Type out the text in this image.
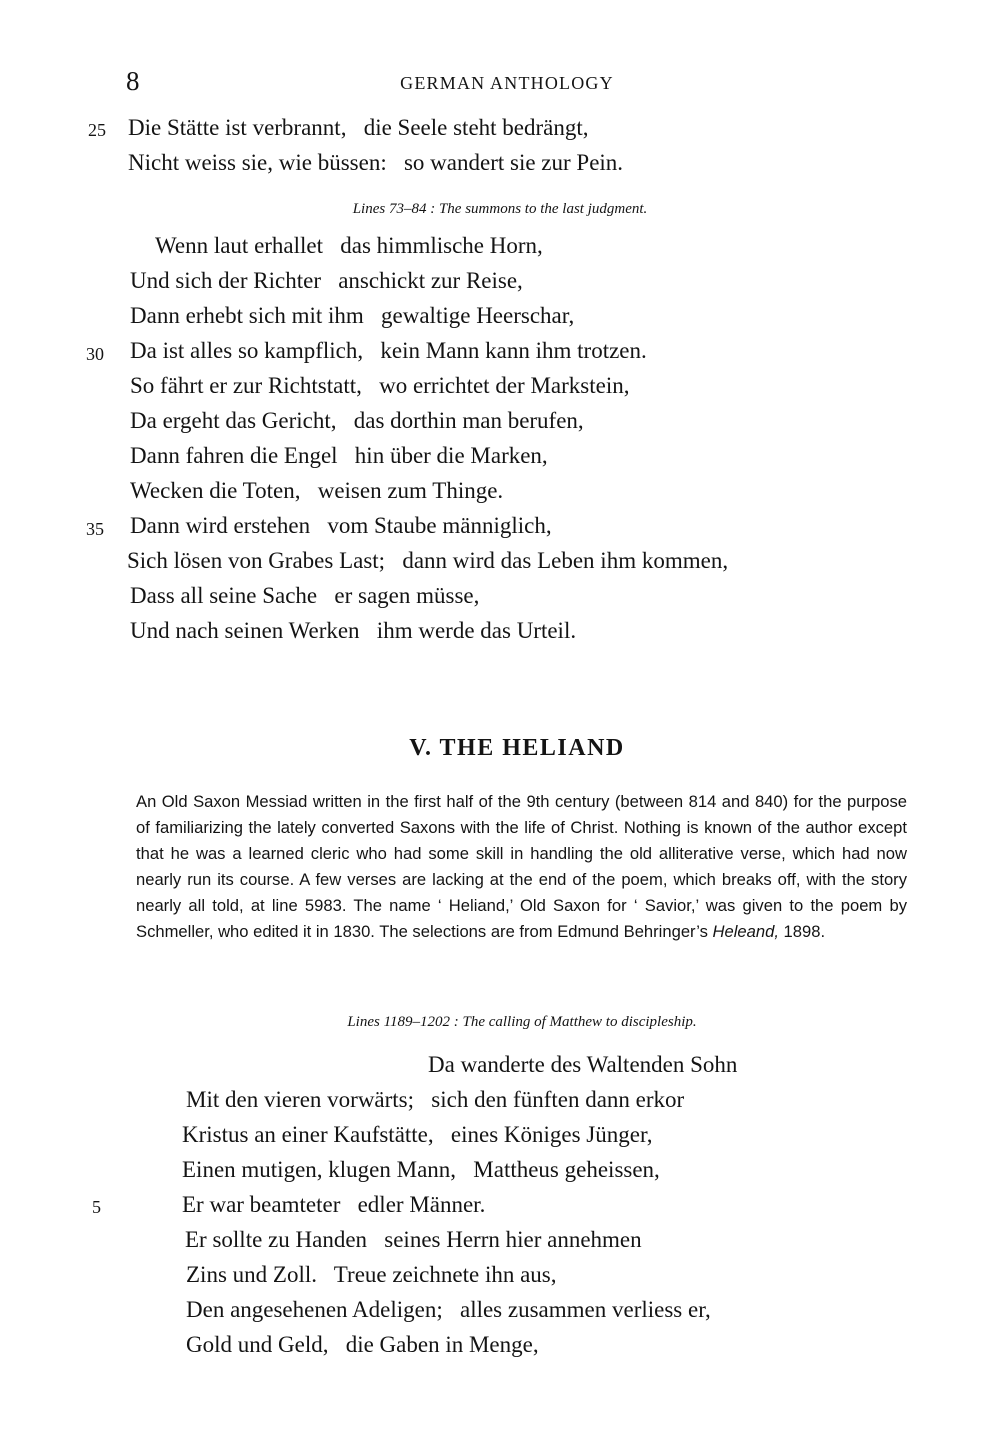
8	GERMAN ANTHOLOGY
25 Die Stätte ist verbrannt,   die Seele steht bedrängt,
Nicht weiss sie, wie büssen:   so wandert sie zur Pein.
Lines 73–84 : The summons to the last judgment.
Wenn laut erhallet   das himmlische Horn,
Und sich der Richter   anschickt zur Reise,
Dann erhebt sich mit ihm   gewaltige Heerschar,
30 Da ist alles so kampflich,   kein Mann kann ihm trotzen.
So fährt er zur Richtstatt,   wo errichtet der Markstein,
Da ergeht das Gericht,   das dorthin man berufen,
Dann fahren die Engel   hin über die Marken,
Wecken die Toten,   weisen zum Thinge.
35 Dann wird erstehen   vom Staube männiglich,
Sich lösen von Grabes Last;   dann wird das Leben ihm kommen,
Dass all seine Sache   er sagen müsse,
Und nach seinen Werken   ihm werde das Urteil.
V. THE HELIAND
An Old Saxon Messiad written in the first half of the 9th century (between 814 and 840) for the purpose of familiarizing the lately converted Saxons with the life of Christ. Nothing is known of the author except that he was a learned cleric who had some skill in handling the old alliterative verse, which had now nearly run its course. A few verses are lacking at the end of the poem, which breaks off, with the story nearly all told, at line 5983. The name ‘ Heliand,’ Old Saxon for ‘ Savior,’ was given to the poem by Schmeller, who edited it in 1830. The selections are from Edmund Behringer’s Heleand, 1898.
Lines 1189–1202 : The calling of Matthew to discipleship.
Da wanderte des Waltenden Sohn
Mit den vieren vorwärts;   sich den fünften dann erkor
Kristus an einer Kaufstätte,   eines Königes Jünger,
Einen mutigen, klugen Mann,   Mattheus geheissen,
5	Er war beamteter   edler Männer.
Er sollte zu Handen   seines Herrn hier annehmen
Zins und Zoll.   Treue zeichnete ihn aus,
Den angesehenen Adeligen;   alles zusammen verliess er,
Gold und Geld,   die Gaben in Menge,
